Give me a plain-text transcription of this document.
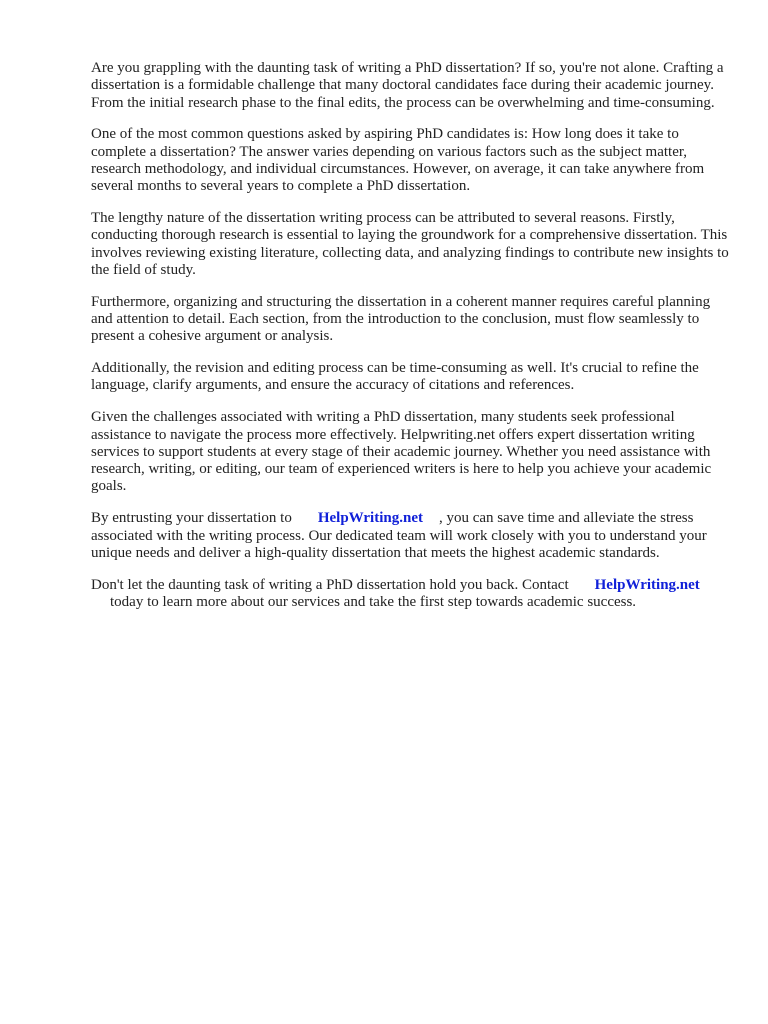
Are you grappling with the daunting task of writing a PhD dissertation? If so, you're not alone. Crafting a dissertation is a formidable challenge that many doctoral candidates face during their academic journey. From the initial research phase to the final edits, the process can be overwhelming and time-consuming.

One of the most common questions asked by aspiring PhD candidates is: How long does it take to complete a dissertation? The answer varies depending on various factors such as the subject matter, research methodology, and individual circumstances. However, on average, it can take anywhere from several months to several years to complete a PhD dissertation.

The lengthy nature of the dissertation writing process can be attributed to several reasons. Firstly, conducting thorough research is essential to laying the groundwork for a comprehensive dissertation. This involves reviewing existing literature, collecting data, and analyzing findings to contribute new insights to the field of study.

Furthermore, organizing and structuring the dissertation in a coherent manner requires careful planning and attention to detail. Each section, from the introduction to the conclusion, must flow seamlessly to present a cohesive argument or analysis.

Additionally, the revision and editing process can be time-consuming as well. It's crucial to refine the language, clarify arguments, and ensure the accuracy of citations and references.

Given the challenges associated with writing a PhD dissertation, many students seek professional assistance to navigate the process more effectively. Helpwriting.net offers expert dissertation writing services to support students at every stage of their academic journey. Whether you need assistance with research, writing, or editing, our team of experienced writers is here to help you achieve your academic goals.

By entrusting your dissertation to HelpWriting.net , you can save time and alleviate the stress associated with the writing process. Our dedicated team will work closely with you to understand your unique needs and deliver a high-quality dissertation that meets the highest academic standards.

Don't let the daunting task of writing a PhD dissertation hold you back. Contact HelpWriting.net
today to learn more about our services and take the first step towards academic success.
